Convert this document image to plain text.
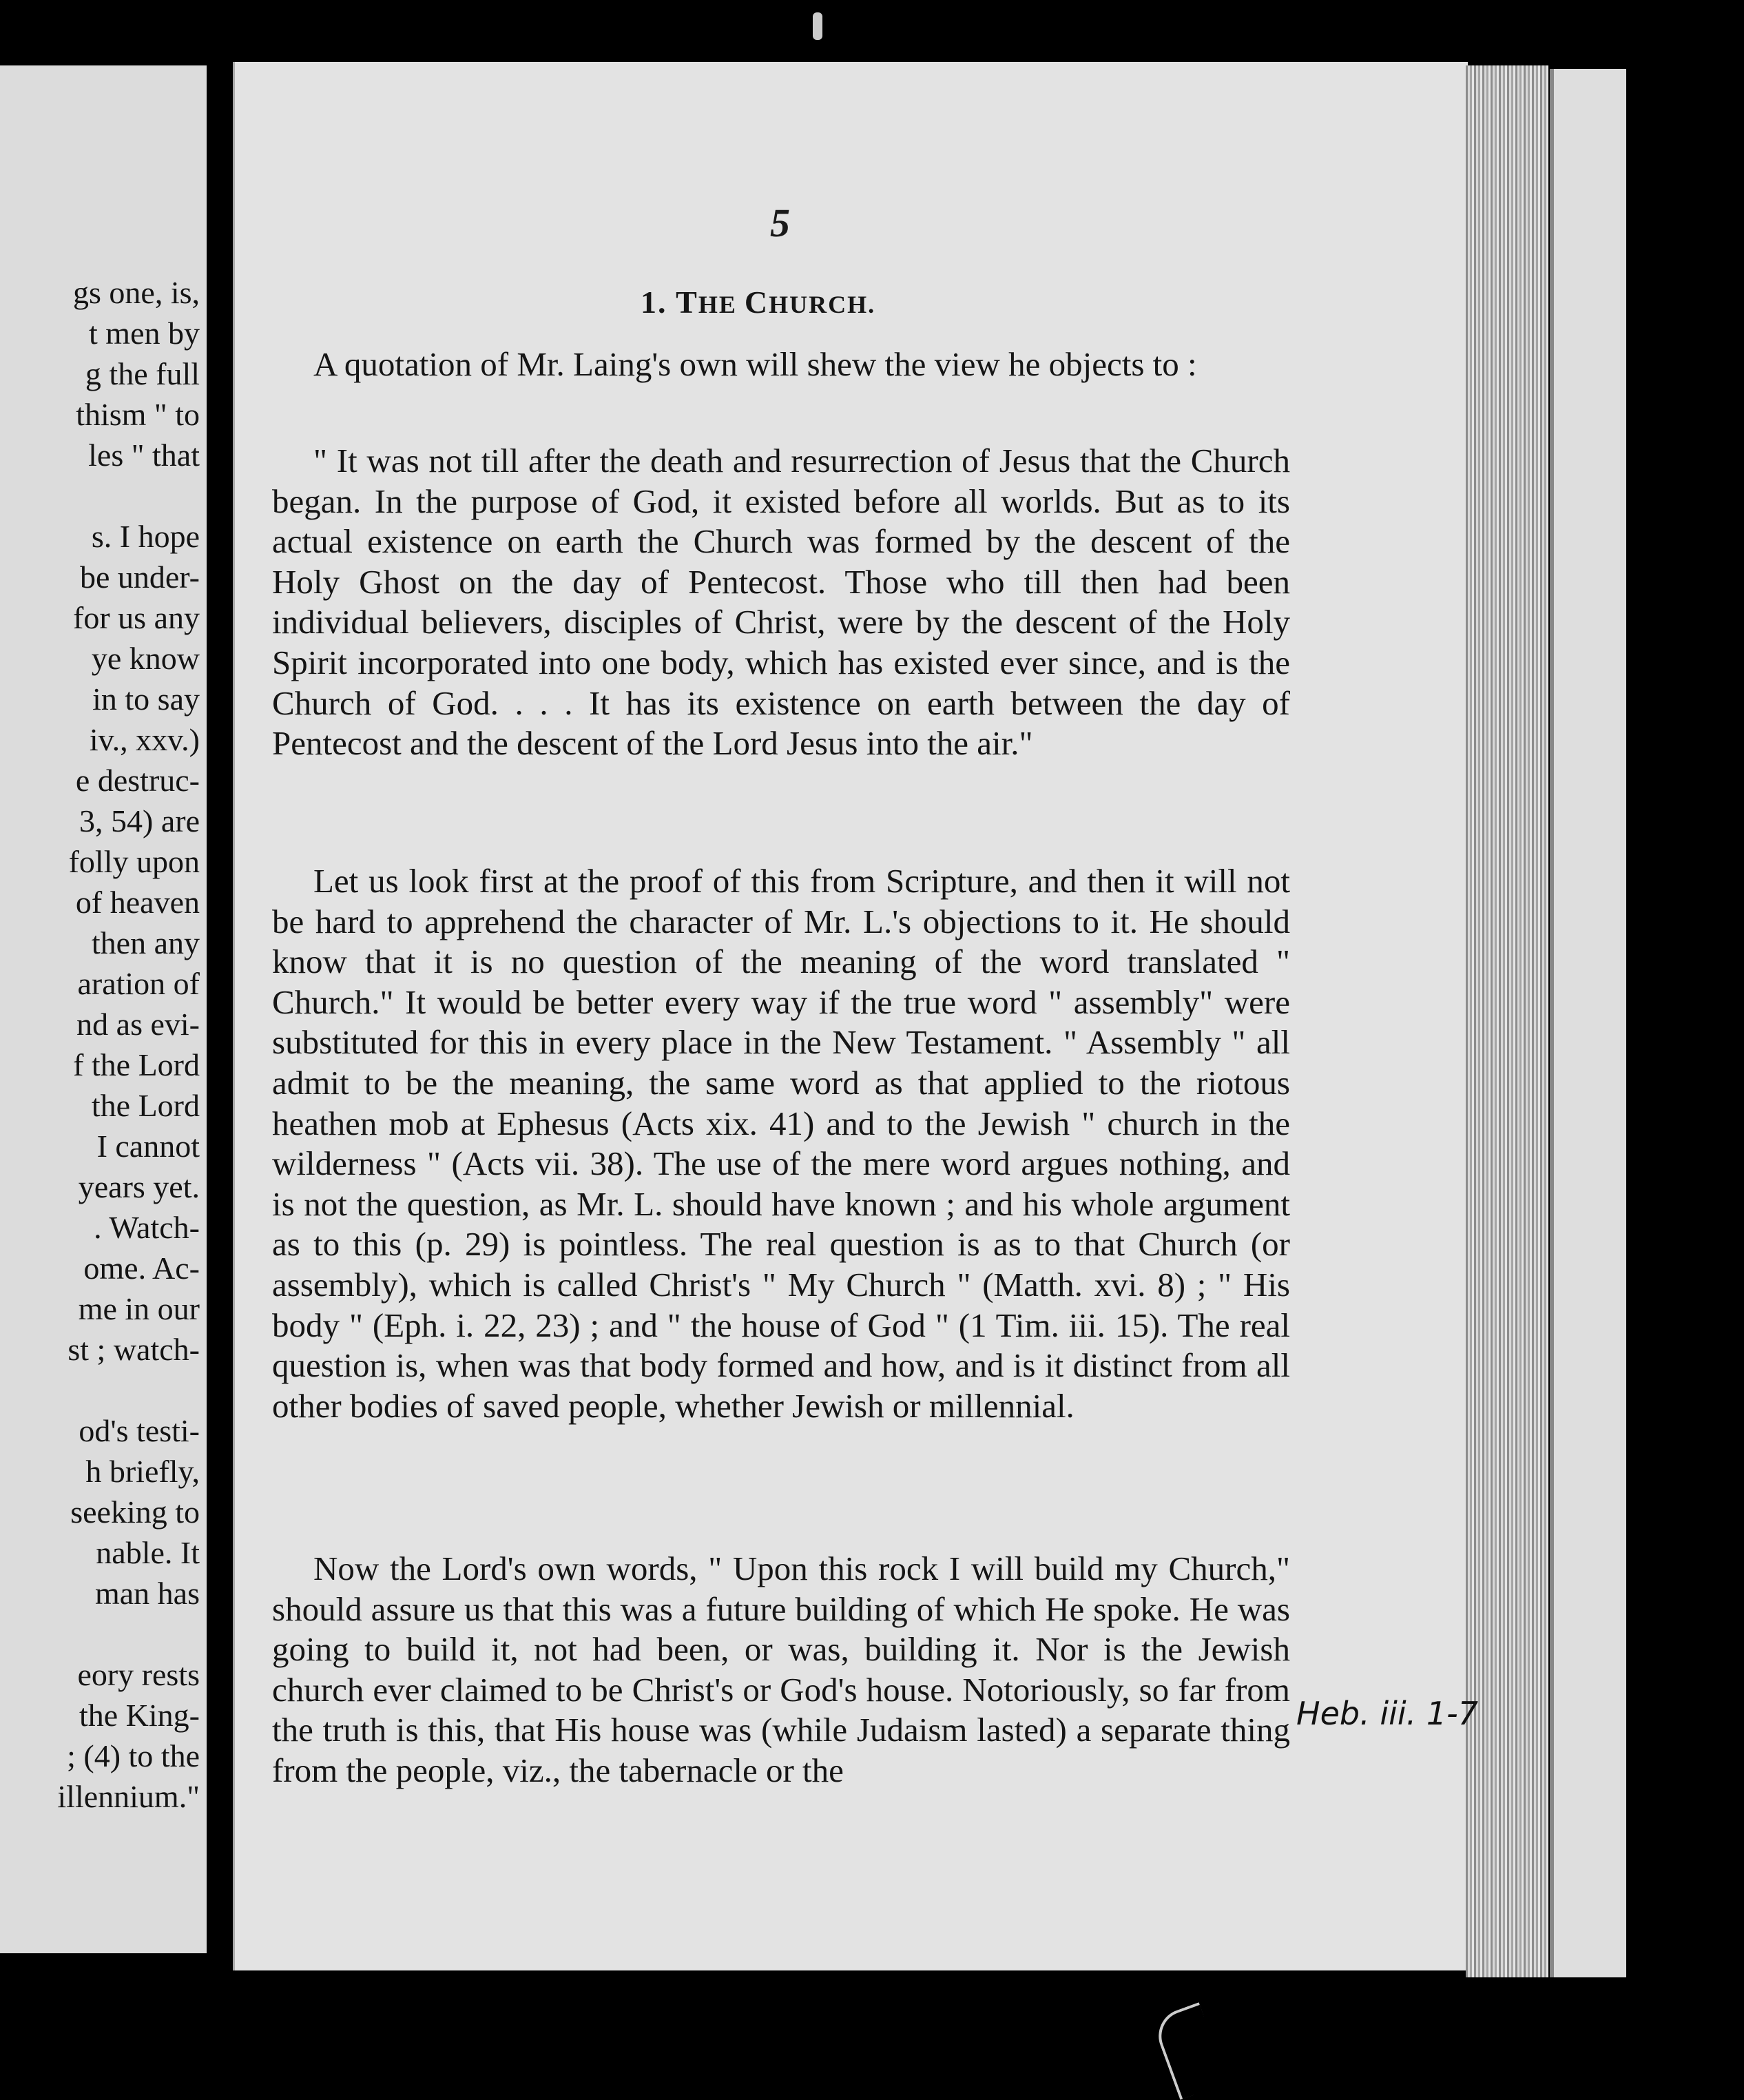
gs one, is,
t men by
g the full
thism " to
les " that

s. I hope
be under-
for us any
ye know
in to say
iv., xxv.)
e destruc-
3, 54) are
folly upon
of heaven
then any
aration of
nd as evi-
f the Lord
the Lord
I cannot
years yet.
. Watch-
ome. Ac-
me in our
st ; watch-

od's testi-
h briefly,
seeking to
nable. It
man has

eory rests
the King-
; (4) to the
illennium."
5
1. THE CHURCH.

A quotation of Mr. Laing's own will shew the view he objects to :

" It was not till after the death and resurrection of Jesus that the Church began. In the purpose of God, it existed before all worlds. But as to its actual existence on earth the Church was formed by the descent of the Holy Ghost on the day of Pentecost. Those who till then had been individual believers, disciples of Christ, were by the descent of the Holy Spirit incorporated into one body, which has existed ever since, and is the Church of God. . . . It has its existence on earth between the day of Pentecost and the descent of the Lord Jesus into the air."

Let us look first at the proof of this from Scripture, and then it will not be hard to apprehend the character of Mr. L.'s objections to it. He should know that it is no question of the meaning of the word translated " Church." It would be better every way if the true word " assembly" were substituted for this in every place in the New Testament. " Assembly " all admit to be the meaning, the same word as that applied to the riotous heathen mob at Ephesus (Acts xix. 41) and to the Jewish " church in the wilderness " (Acts vii. 38). The use of the mere word argues nothing, and is not the question, as Mr. L. should have known ; and his whole argument as to this (p. 29) is pointless. The real question is as to that Church (or assembly), which is called Christ's " My Church " (Matth. xvi. 8) ; " His body " (Eph. i. 22, 23) ; and " the house of God " (1 Tim. iii. 15). The real question is, when was that body formed and how, and is it distinct from all other bodies of saved people, whether Jewish or millennial.

Now the Lord's own words, " Upon this rock I will build my Church," should assure us that this was a future building of which He spoke. He was going to build it, not had been, or was, building it. Nor is the Jewish church ever claimed to be Christ's or God's house. Notoriously, so far from the truth is this, that His house was (while Judaism lasted) a separate thing from the people, viz., the tabernacle or the

Heb. iii. 1-7
